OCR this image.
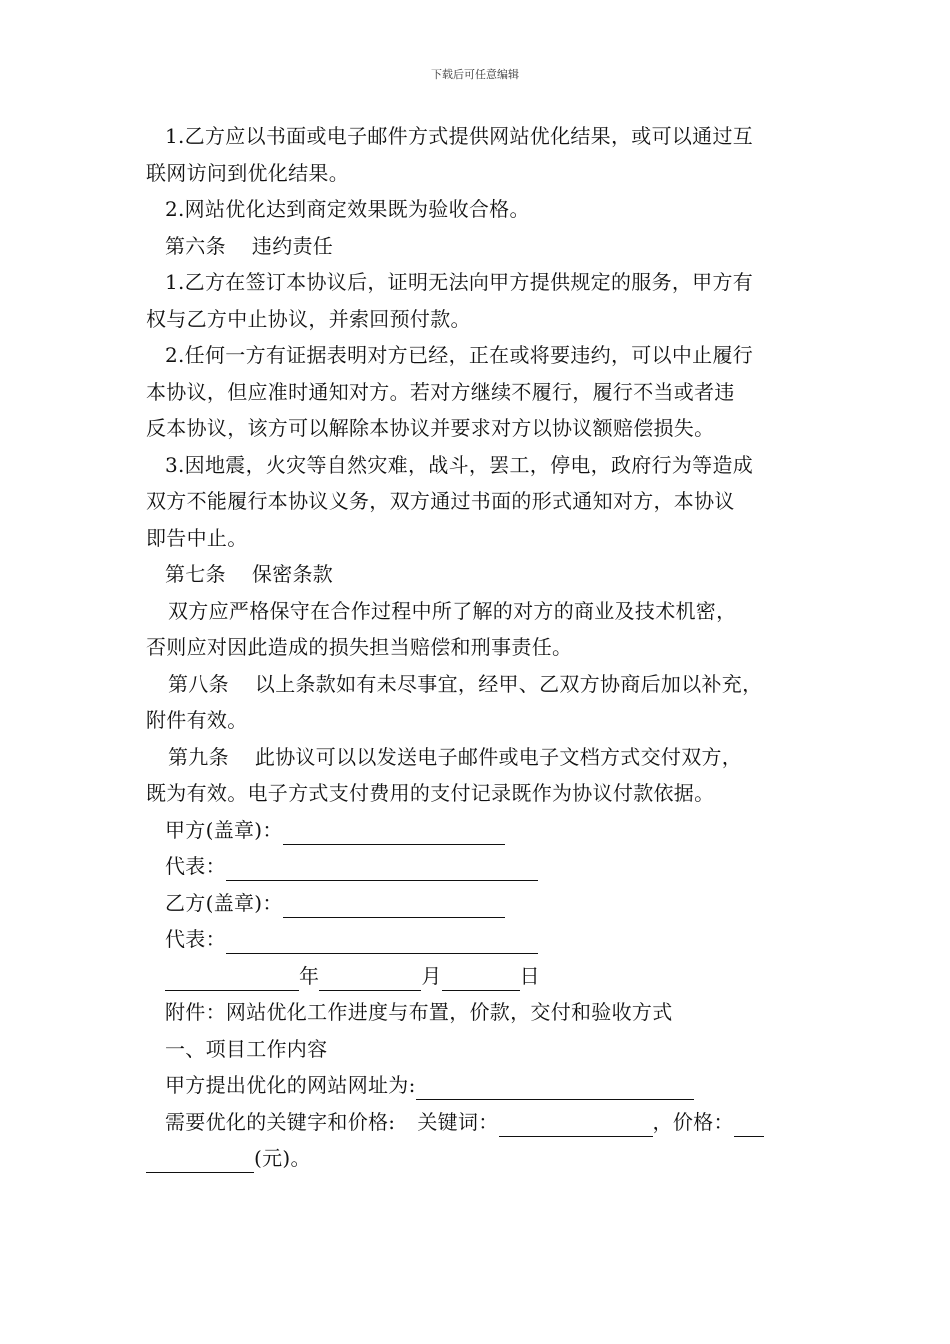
下载后可任意编辑
1.乙方应以书面或电子邮件方式提供网站优化结果，或可以通过互
联网访问到优化结果。
2.网站优化达到商定效果既为验收合格。
第六条 违约责任
1.乙方在签订本协议后，证明无法向甲方提供规定的服务，甲方有
权与乙方中止协议，并索回预付款。
2.任何一方有证据表明对方已经，正在或将要违约，可以中止履行
本协议，但应准时通知对方。若对方继续不履行，履行不当或者违
反本协议，该方可以解除本协议并要求对方以协议额赔偿损失。
3.因地震，火灾等自然灾难，战斗，罢工，停电，政府行为等造成
双方不能履行本协议义务，双方通过书面的形式通知对方，本协议
即告中止。
第七条 保密条款
双方应严格保守在合作过程中所了解的对方的商业及技术机密，
否则应对因此造成的损失担当赔偿和刑事责任。
第八条 以上条款如有未尽事宜，经甲、乙双方协商后加以补充，
附件有效。
第九条 此协议可以以发送电子邮件或电子文档方式交付双方，
既为有效。电子方式支付费用的支付记录既作为协议付款依据。
甲方(盖章)：
代表：
乙方(盖章)：
代表：
年	月	日
附件：网站优化工作进度与布置，价款，交付和验收方式
一、项目工作内容
甲方提出优化的网站网址为:
需要优化的关键字和价格: 关键词：	，价格：
(元)。
